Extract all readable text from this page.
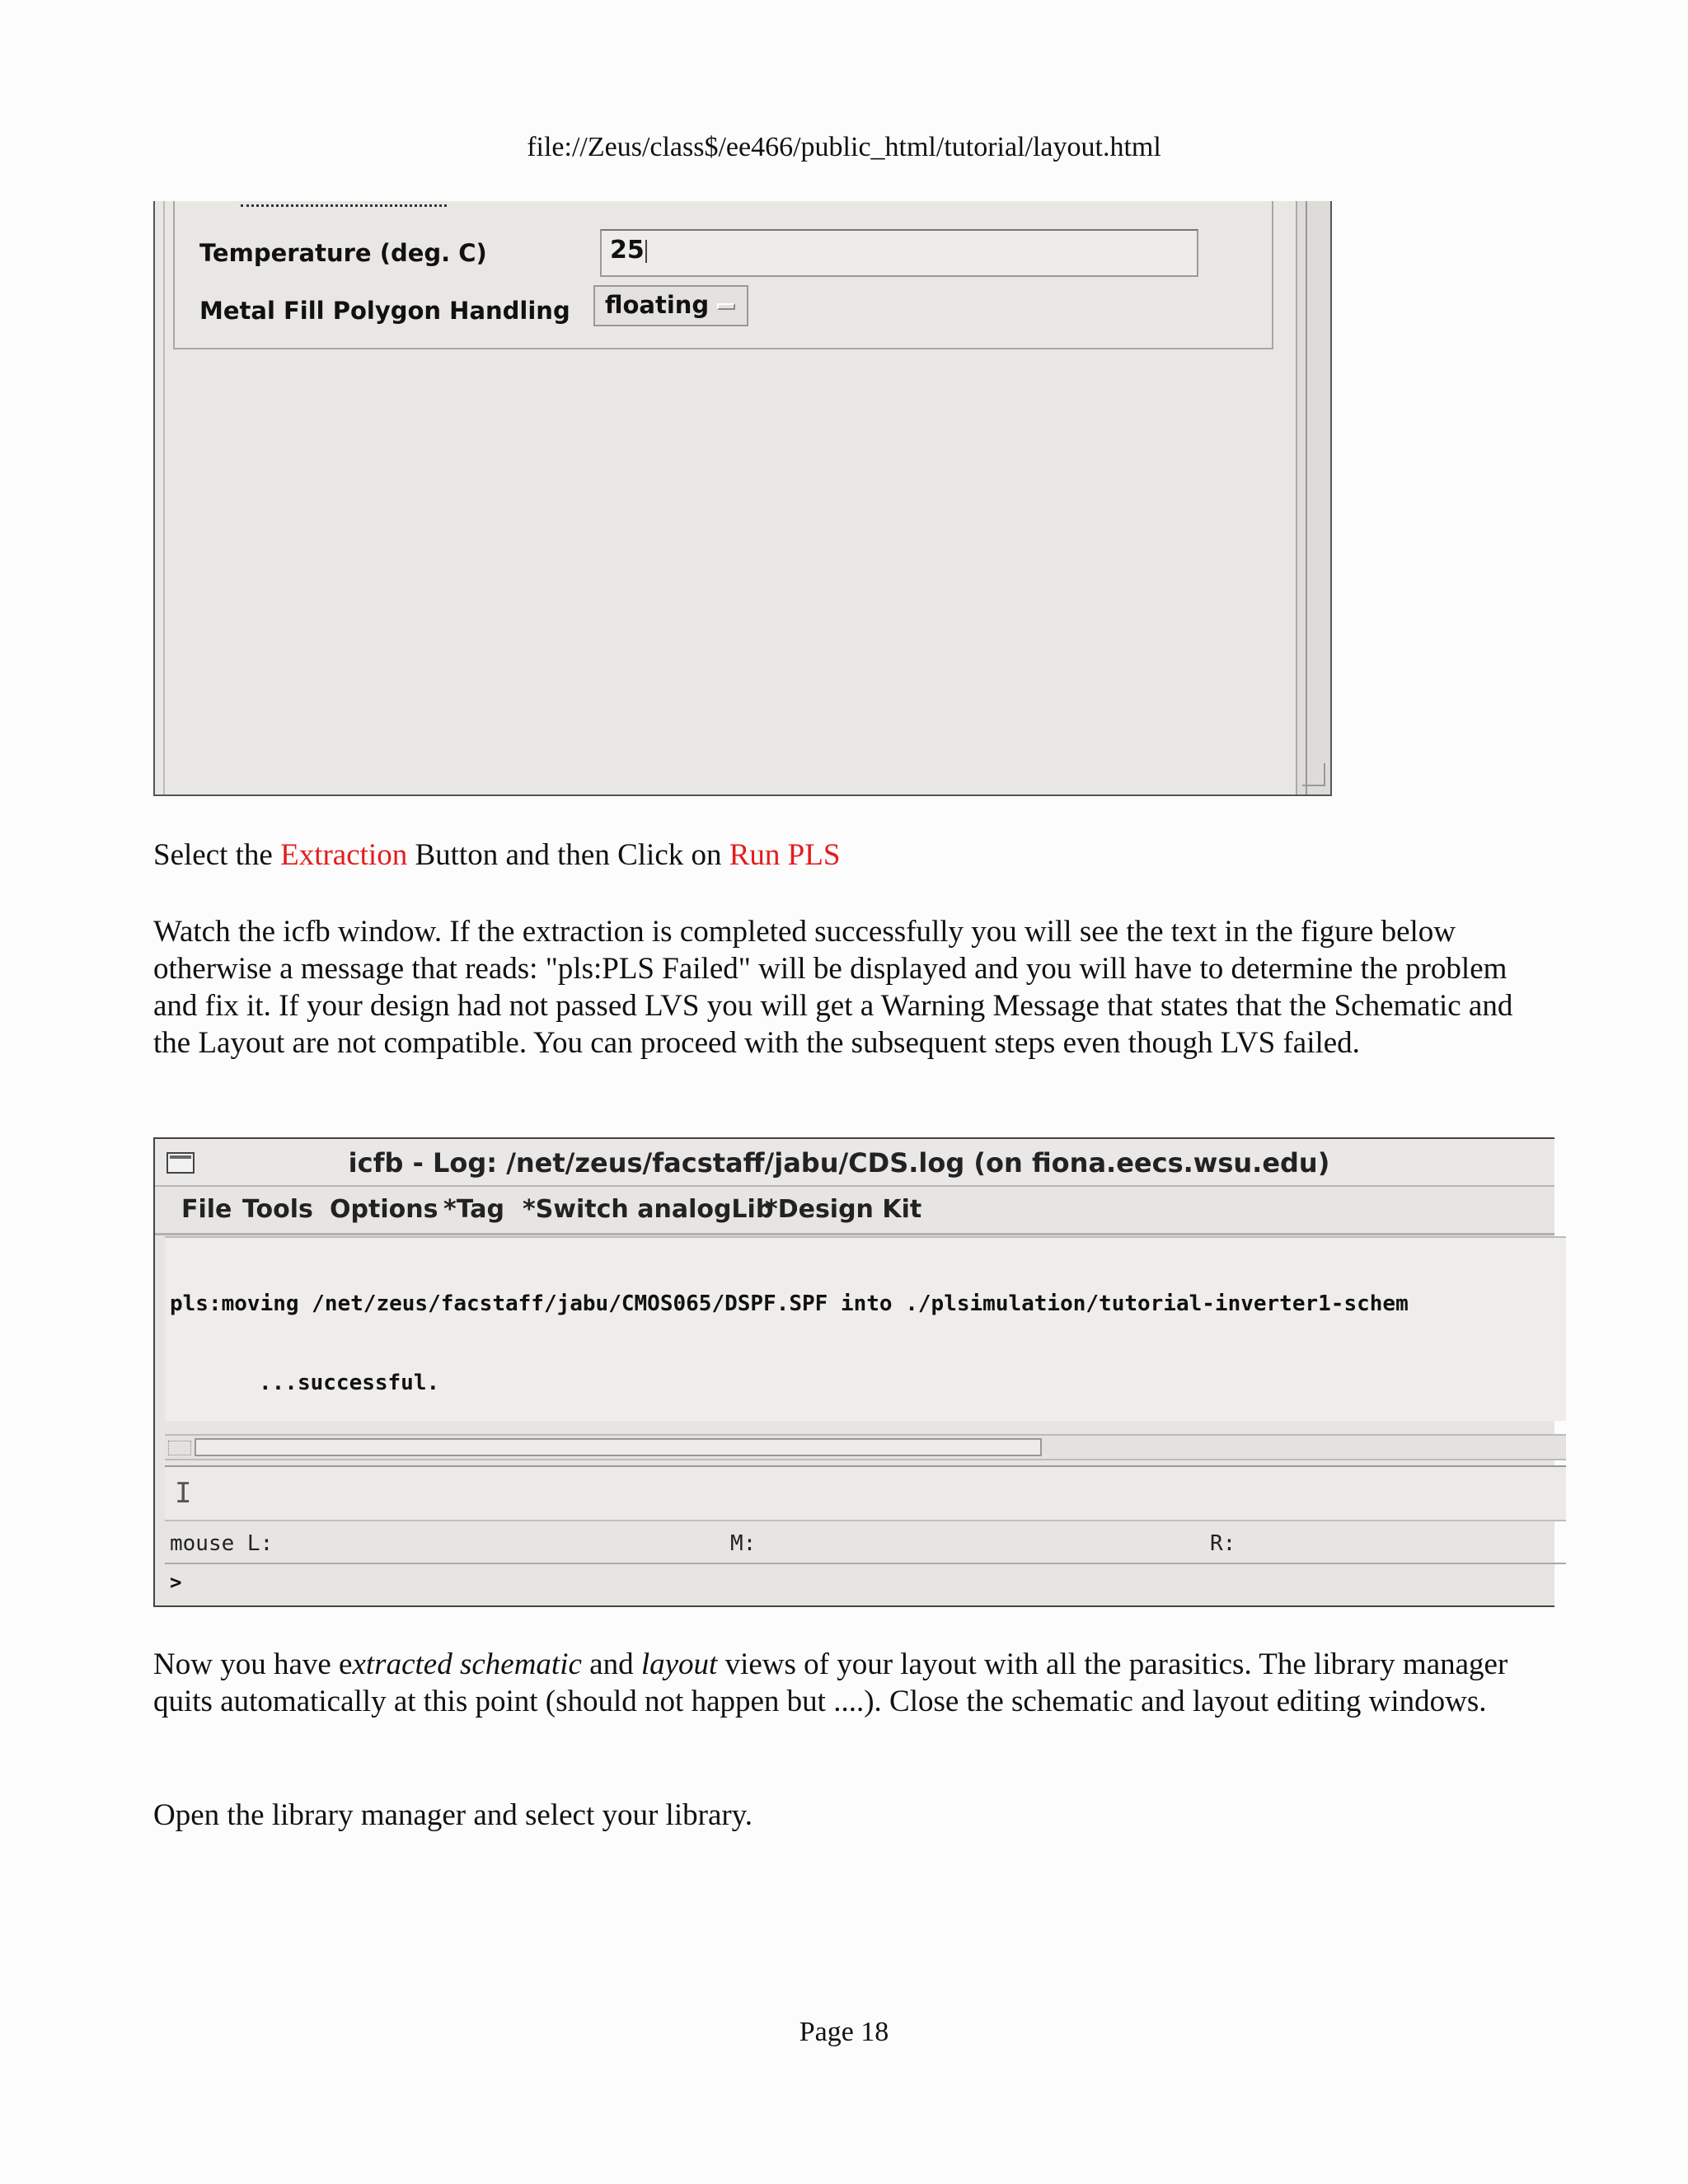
file://Zeus/class$/ee466/public_html/tutorial/layout.html
Temperature (deg. C)	25
Metal Fill Polygon Handling	floating

Select the Extraction Button and then Click on Run PLS

Watch the icfb window. If the extraction is completed successfully you will see the text in the figure below otherwise a message that reads: "pls:PLS Failed" will be displayed and you will have to determine the problem and fix it. If your design had not passed LVS you will get a Warning Message that states that the Schematic and the Layout are not compatible. You can proceed with the subsequent steps even though LVS failed.

icfb - Log: /net/zeus/facstaff/jabu/CDS.log (on fiona.eecs.wsu.edu)
File Tools Options *Tag *Switch analogLib
*Design Kit

pls:moving /net/zeus/facstaff/jabu/CMOS065/DSPF.SPF into ./plsimulation/tutorial-inverter1-schem

...successful.

I
mouse L:	M:	R:
>

Now you have extracted schematic and layout views of your layout with all the parasitics. The library manager quits automatically at this point (should not happen but ....). Close the schematic and layout editing windows.

Open the library manager and select your library.

Page 18
